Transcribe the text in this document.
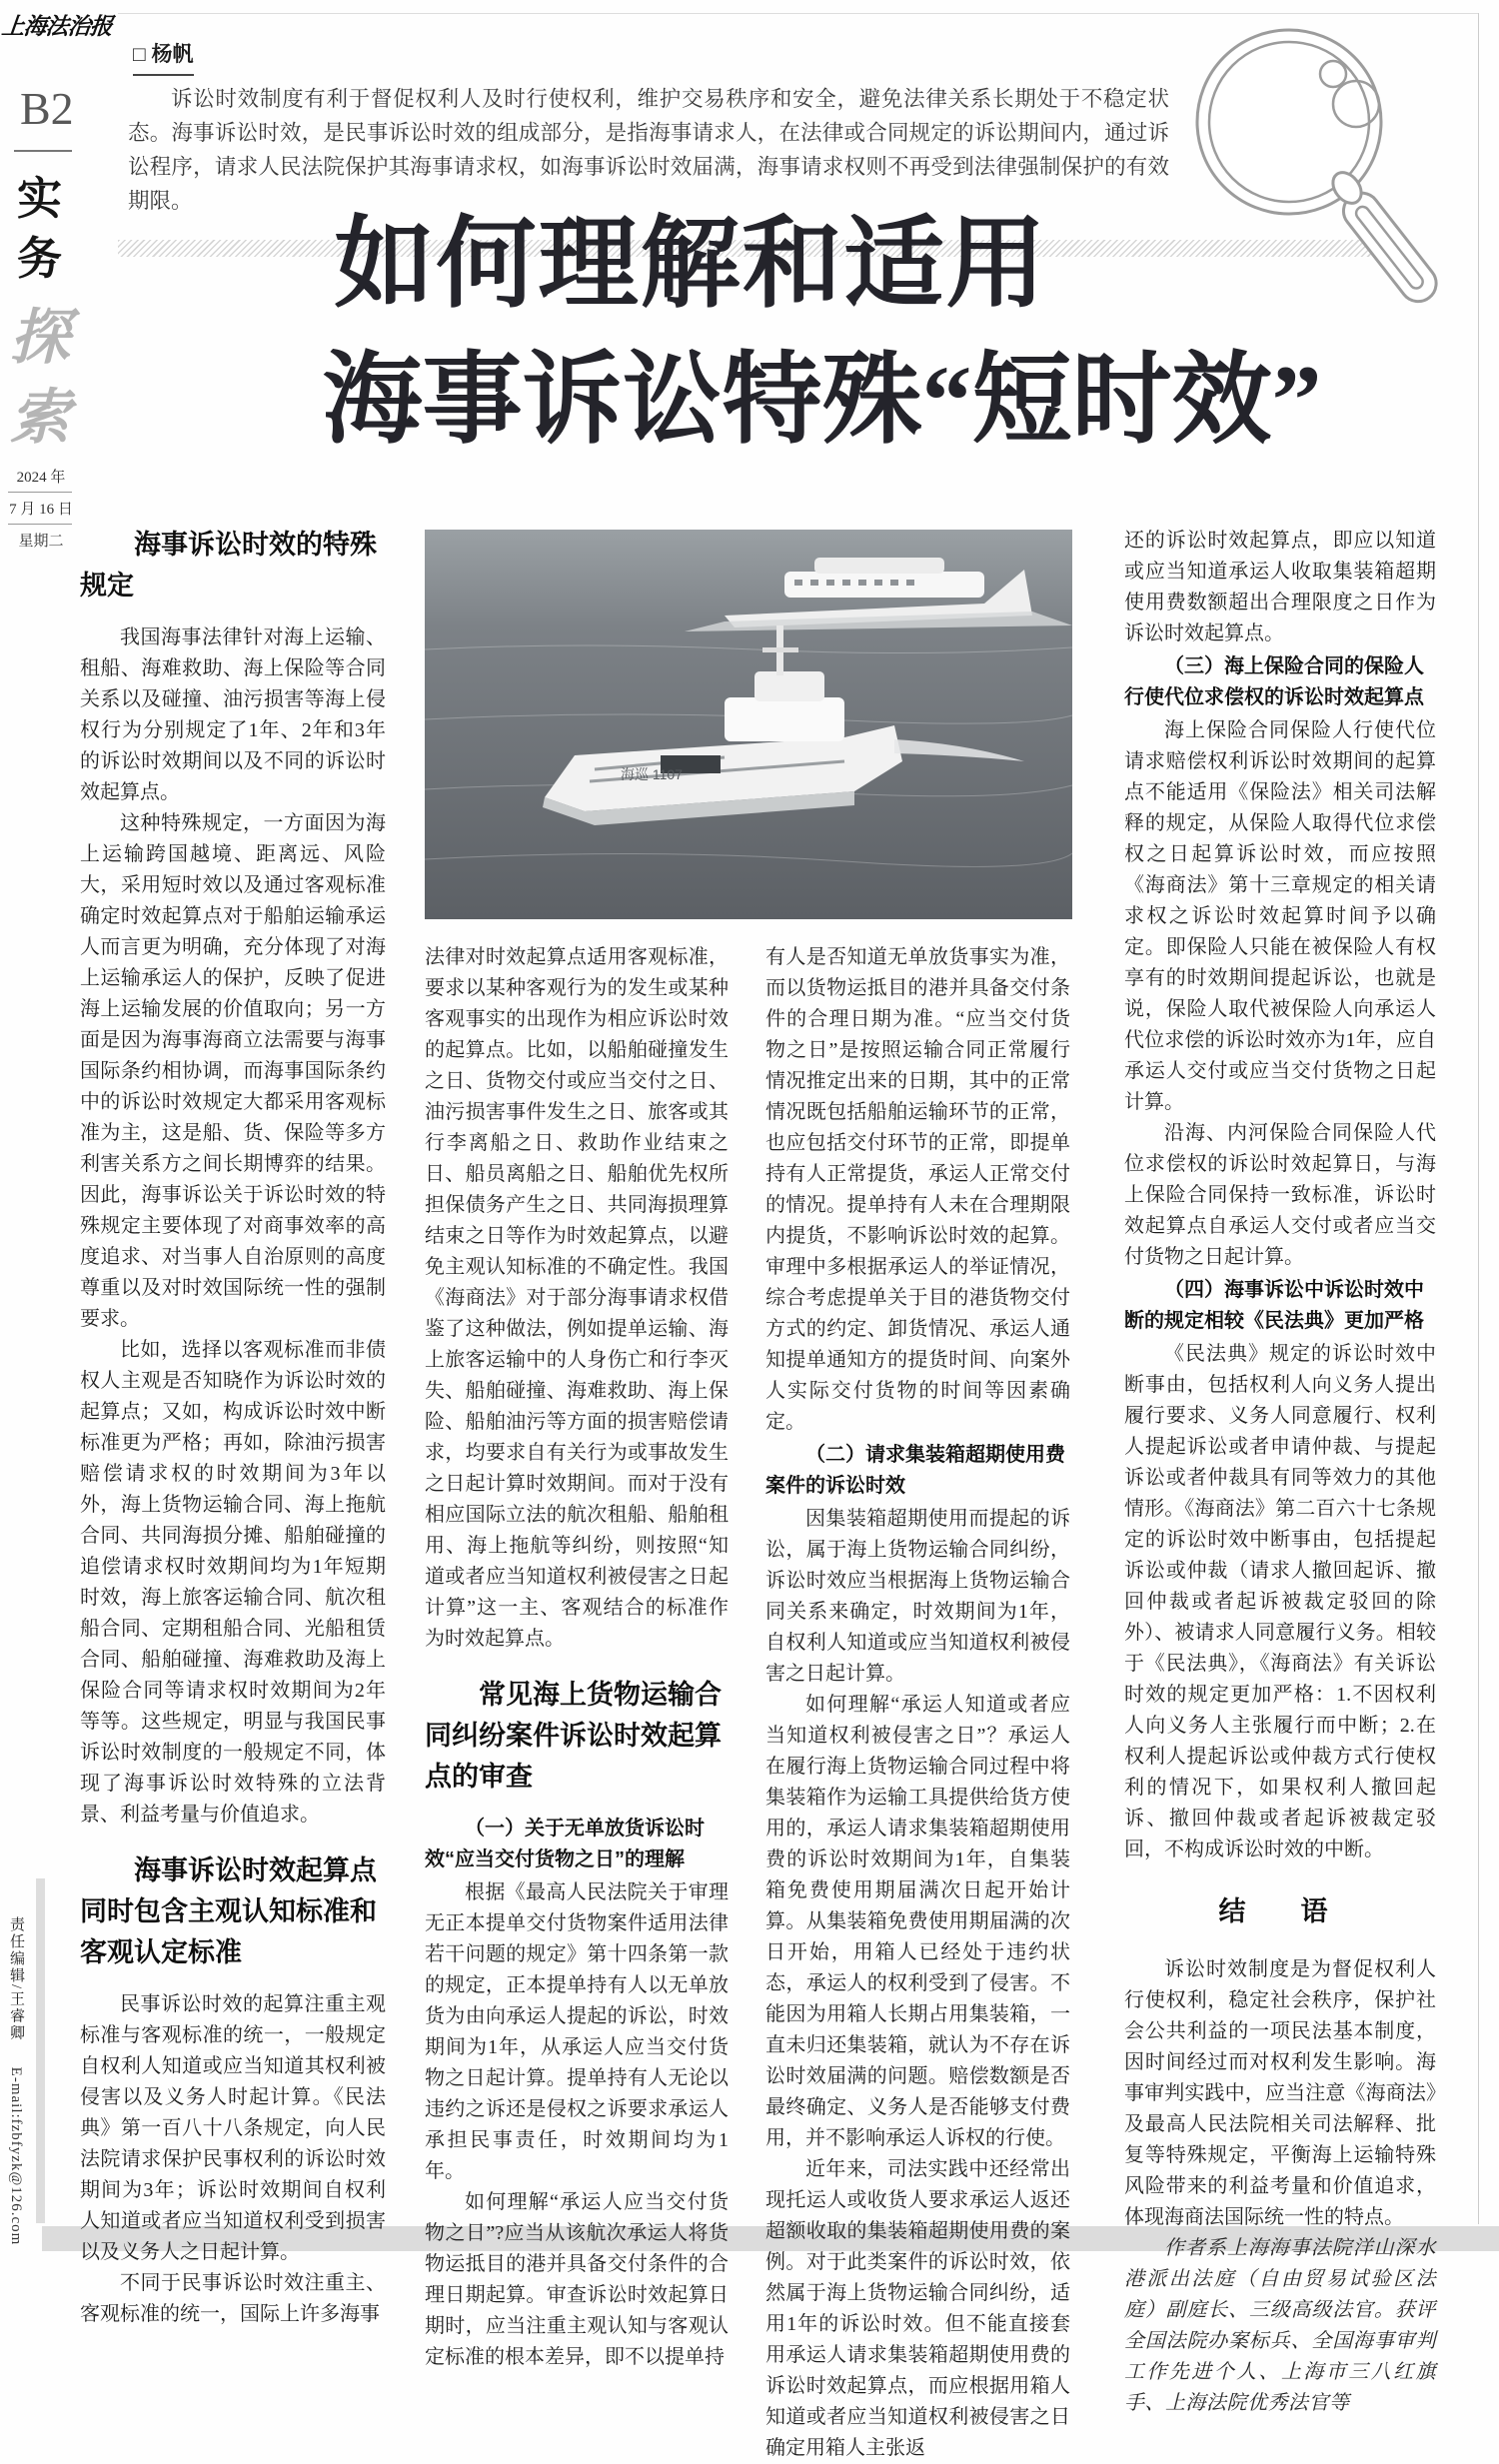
上海法治报
B2
实
务
探
索
2024 年
7 月 16 日
星期二
责任编辑/王睿卿  E-mail:fzbfyzk@126.com
□ 杨帆
诉讼时效制度有利于督促权利人及时行使权利，维护交易秩序和安全，避免法律关系长期处于不稳定状态。海事诉讼时效，是民事诉讼时效的组成部分，是指海事请求人，在法律或合同规定的诉讼期间内，通过诉讼程序，请求人民法院保护其海事请求权，如海事诉讼时效届满，海事请求权则不再受到法律强制保护的有效期限。
如何理解和适用
海事诉讼特殊“短时效”
海巡 1107
海事诉讼时效的特殊规定

我国海事法律针对海上运输、租船、海难救助、海上保险等合同关系以及碰撞、油污损害等海上侵权行为分别规定了1年、2年和3年的诉讼时效期间以及不同的诉讼时效起算点。

这种特殊规定，一方面因为海上运输跨国越境、距离远、风险大，采用短时效以及通过客观标准确定时效起算点对于船舶运输承运人而言更为明确，充分体现了对海上运输承运人的保护，反映了促进海上运输发展的价值取向；另一方面是因为海事海商立法需要与海事国际条约相协调，而海事国际条约中的诉讼时效规定大都采用客观标准为主，这是船、货、保险等多方利害关系方之间长期博弈的结果。因此，海事诉讼关于诉讼时效的特殊规定主要体现了对商事效率的高度追求、对当事人自治原则的高度尊重以及对时效国际统一性的强制要求。

比如，选择以客观标准而非债权人主观是否知晓作为诉讼时效的起算点；又如，构成诉讼时效中断标准更为严格；再如，除油污损害赔偿请求权的时效期间为3年以外，海上货物运输合同、海上拖航合同、共同海损分摊、船舶碰撞的追偿请求权时效期间均为1年短期时效，海上旅客运输合同、航次租船合同、定期租船合同、光船租赁合同、船舶碰撞、海难救助及海上保险合同等请求权时效期间为2年等等。这些规定，明显与我国民事诉讼时效制度的一般规定不同，体现了海事诉讼时效特殊的立法背景、利益考量与价值追求。

海事诉讼时效起算点同时包含主观认知标准和客观认定标准

民事诉讼时效的起算注重主观标准与客观标准的统一，一般规定自权利人知道或应当知道其权利被侵害以及义务人时起计算。《民法典》第一百八十八条规定，向人民法院请求保护民事权利的诉讼时效期间为3年；诉讼时效期间自权利人知道或者应当知道权利受到损害以及义务人之日起计算。

不同于民事诉讼时效注重主、客观标准的统一，国际上许多海事

法律对时效起算点适用客观标准，要求以某种客观行为的发生或某种客观事实的出现作为相应诉讼时效的起算点。比如，以船舶碰撞发生之日、货物交付或应当交付之日、油污损害事件发生之日、旅客或其行李离船之日、救助作业结束之日、船员离船之日、船舶优先权所担保债务产生之日、共同海损理算结束之日等作为时效起算点，以避免主观认知标准的不确定性。我国《海商法》对于部分海事请求权借鉴了这种做法，例如提单运输、海上旅客运输中的人身伤亡和行李灭失、船舶碰撞、海难救助、海上保险、船舶油污等方面的损害赔偿请求，均要求自有关行为或事故发生之日起计算时效期间。而对于没有相应国际立法的航次租船、船舶租用、海上拖航等纠纷，则按照“知道或者应当知道权利被侵害之日起计算”这一主、客观结合的标准作为时效起算点。

常见海上货物运输合同纠纷案件诉讼时效起算点的审查
（一）关于无单放货诉讼时效“应当交付货物之日”的理解

根据《最高人民法院关于审理无正本提单交付货物案件适用法律若干问题的规定》第十四条第一款的规定，正本提单持有人以无单放货为由向承运人提起的诉讼，时效期间为1年，从承运人应当交付货物之日起计算。提单持有人无论以违约之诉还是侵权之诉要求承运人承担民事责任，时效期间均为1年。

如何理解“承运人应当交付货物之日”?应当从该航次承运人将货物运抵目的港并具备交付条件的合理日期起算。审查诉讼时效起算日期时，应当注重主观认知与客观认定标准的根本差异，即不以提单持

有人是否知道无单放货事实为准，而以货物运抵目的港并具备交付条件的合理日期为准。“应当交付货物之日”是按照运输合同正常履行情况推定出来的日期，其中的正常情况既包括船舶运输环节的正常，也应包括交付环节的正常，即提单持有人正常提货，承运人正常交付的情况。提单持有人未在合理期限内提货，不影响诉讼时效的起算。审理中多根据承运人的举证情况，综合考虑提单关于目的港货物交付方式的约定、卸货情况、承运人通知提单通知方的提货时间、向案外人实际交付货物的时间等因素确定。

（二）请求集装箱超期使用费案件的诉讼时效

因集装箱超期使用而提起的诉讼，属于海上货物运输合同纠纷，诉讼时效应当根据海上货物运输合同关系来确定，时效期间为1年，自权利人知道或应当知道权利被侵害之日起计算。

如何理解“承运人知道或者应当知道权利被侵害之日”？承运人在履行海上货物运输合同过程中将集装箱作为运输工具提供给货方使用的，承运人请求集装箱超期使用费的诉讼时效期间为1年，自集装箱免费使用期届满次日起开始计算。从集装箱免费使用期届满的次日开始，用箱人已经处于违约状态，承运人的权利受到了侵害。不能因为用箱人长期占用集装箱，一直未归还集装箱，就认为不存在诉讼时效届满的问题。赔偿数额是否最终确定、义务人是否能够支付费用，并不影响承运人诉权的行使。

近年来，司法实践中还经常出现托运人或收货人要求承运人返还超额收取的集装箱超期使用费的案例。对于此类案件的诉讼时效，依然属于海上货物运输合同纠纷，适用1年的诉讼时效。但不能直接套用承运人请求集装箱超期使用费的诉讼时效起算点，而应根据用箱人知道或者应当知道权利被侵害之日确定用箱人主张返

还的诉讼时效起算点，即应以知道或应当知道承运人收取集装箱超期使用费数额超出合理限度之日作为诉讼时效起算点。

（三）海上保险合同的保险人行使代位求偿权的诉讼时效起算点

海上保险合同保险人行使代位请求赔偿权利诉讼时效期间的起算点不能适用《保险法》相关司法解释的规定，从保险人取得代位求偿权之日起算诉讼时效，而应按照《海商法》第十三章规定的相关请求权之诉讼时效起算时间予以确定。即保险人只能在被保险人有权享有的时效期间提起诉讼，也就是说，保险人取代被保险人向承运人代位求偿的诉讼时效亦为1年，应自承运人交付或应当交付货物之日起计算。

沿海、内河保险合同保险人代位求偿权的诉讼时效起算日，与海上保险合同保持一致标准，诉讼时效起算点自承运人交付或者应当交付货物之日起计算。

（四）海事诉讼中诉讼时效中断的规定相较《民法典》更加严格

《民法典》规定的诉讼时效中断事由，包括权利人向义务人提出履行要求、义务人同意履行、权利人提起诉讼或者申请仲裁、与提起诉讼或者仲裁具有同等效力的其他情形。《海商法》第二百六十七条规定的诉讼时效中断事由，包括提起诉讼或仲裁（请求人撤回起诉、撤回仲裁或者起诉被裁定驳回的除外）、被请求人同意履行义务。相较于《民法典》，《海商法》有关诉讼时效的规定更加严格：1.不因权利人向义务人主张履行而中断；2.在权利人提起诉讼或仲裁方式行使权利的情况下，如果权利人撤回起诉、撤回仲裁或者起诉被裁定驳回，不构成诉讼时效的中断。

结　语

诉讼时效制度是为督促权利人行使权利，稳定社会秩序，保护社会公共利益的一项民法基本制度，因时间经过而对权利发生影响。海事审判实践中，应当注意《海商法》及最高人民法院相关司法解释、批复等特殊规定，平衡海上运输特殊风险带来的利益考量和价值追求，体现海商法国际统一性的特点。

作者系上海海事法院洋山深水港派出法庭（自由贸易试验区法庭）副庭长、三级高级法官。获评全国法院办案标兵、全国海事审判工作先进个人、上海市三八红旗手、上海法院优秀法官等
